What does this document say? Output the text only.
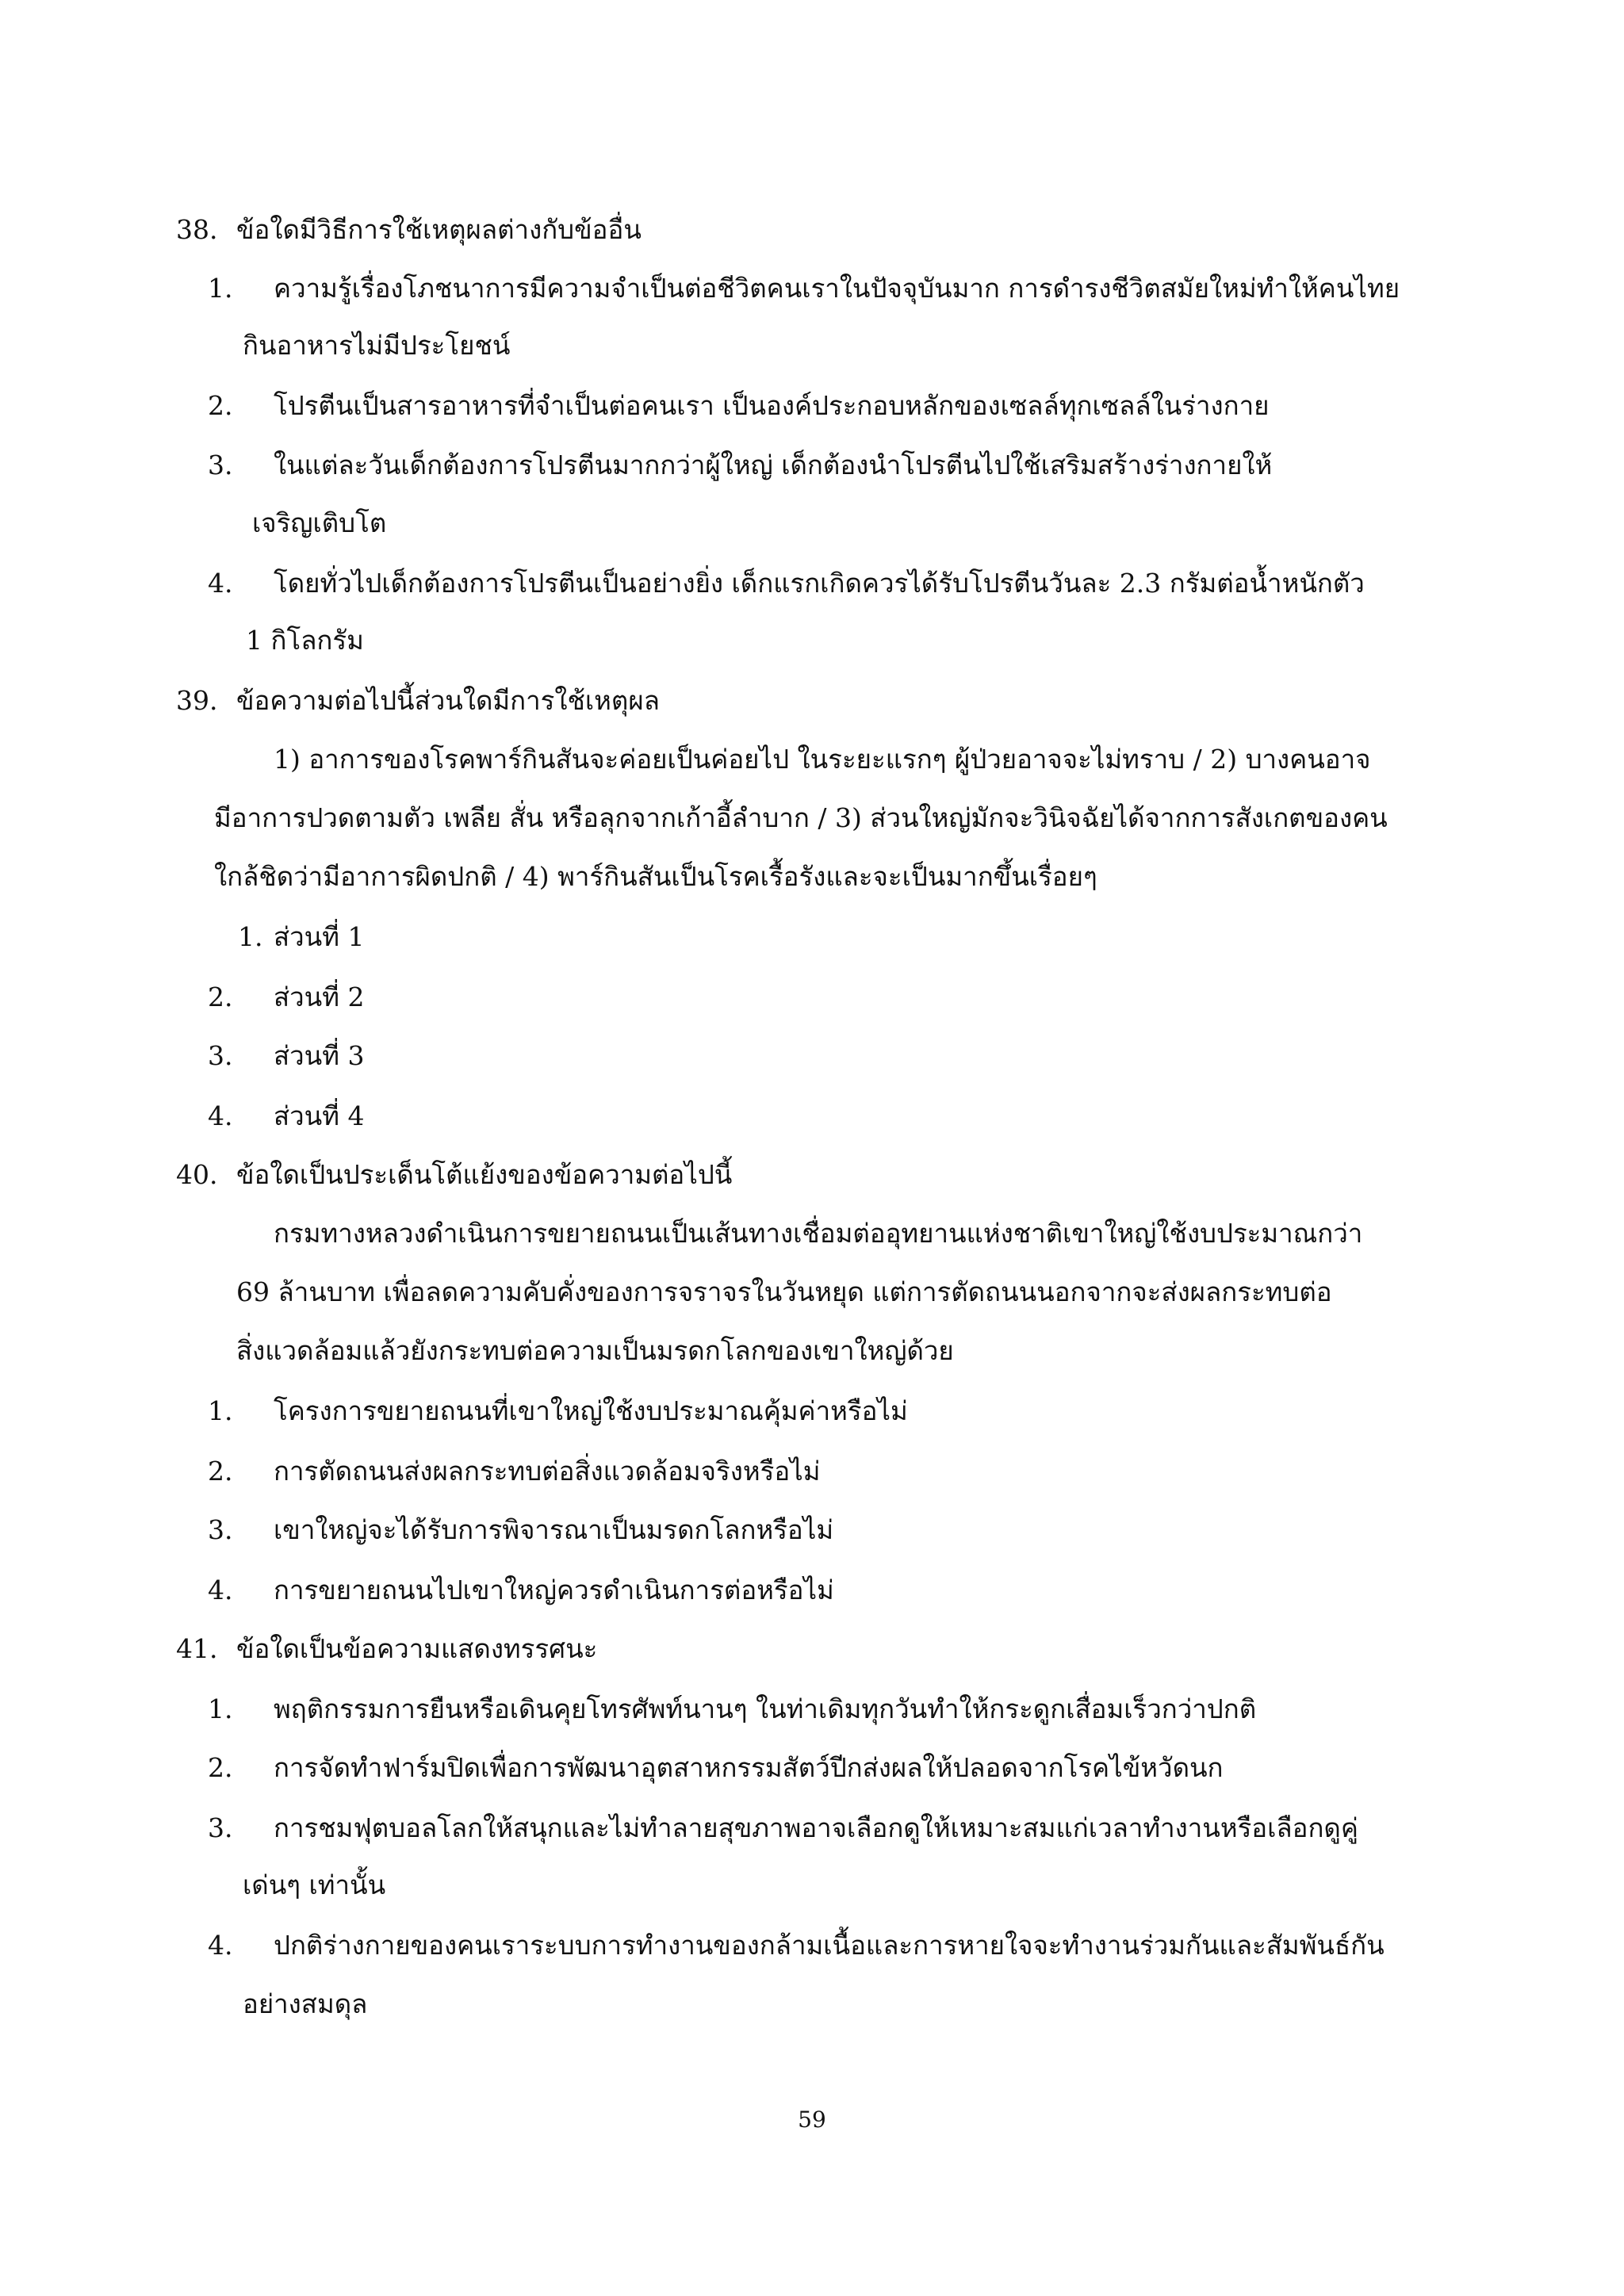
38. ข้อใดมีวิธีการใช้เหตุผลต่างกับข้ออื่น
1. ความรู้เรื่องโภชนาการมีความจำเป็นต่อชีวิตคนเราในปัจจุบันมาก การดำรงชีวิตสมัยใหม่ทำให้คนไทย
กินอาหารไม่มีประโยชน์
2. โปรตีนเป็นสารอาหารที่จำเป็นต่อคนเรา เป็นองค์ประกอบหลักของเซลล์ทุกเซลล์ในร่างกาย
3. ในแต่ละวันเด็กต้องการโปรตีนมากกว่าผู้ใหญ่ เด็กต้องนำโปรตีนไปใช้เสริมสร้างร่างกายให้
เจริญเติบโต
4. โดยทั่วไปเด็กต้องการโปรตีนเป็นอย่างยิ่ง เด็กแรกเกิดควรได้รับโปรตีนวันละ 2.3 กรัมต่อน้ำหนักตัว
1 กิโลกรัม
39. ข้อความต่อไปนี้ส่วนใดมีการใช้เหตุผล
1) อาการของโรคพาร์กินสันจะค่อยเป็นค่อยไป ในระยะแรกๆ ผู้ป่วยอาจจะไม่ทราบ / 2) บางคนอาจ
มีอาการปวดตามตัว เพลีย สั่น หรือลุกจากเก้าอี้ลำบาก / 3) ส่วนใหญ่มักจะวินิจฉัยได้จากการสังเกตของคน
ใกล้ชิดว่ามีอาการผิดปกติ / 4) พาร์กินสันเป็นโรคเรื้อรังและจะเป็นมากขึ้นเรื่อยๆ
1. ส่วนที่ 1
2. ส่วนที่ 2
3. ส่วนที่ 3
4. ส่วนที่ 4
40. ข้อใดเป็นประเด็นโต้แย้งของข้อความต่อไปนี้
กรมทางหลวงดำเนินการขยายถนนเป็นเส้นทางเชื่อมต่ออุทยานแห่งชาติเขาใหญ่ใช้งบประมาณกว่า
69 ล้านบาท เพื่อลดความคับคั่งของการจราจรในวันหยุด แต่การตัดถนนนอกจากจะส่งผลกระทบต่อ
สิ่งแวดล้อมแล้วยังกระทบต่อความเป็นมรดกโลกของเขาใหญ่ด้วย
1. โครงการขยายถนนที่เขาใหญ่ใช้งบประมาณคุ้มค่าหรือไม่
2. การตัดถนนส่งผลกระทบต่อสิ่งแวดล้อมจริงหรือไม่
3. เขาใหญ่จะได้รับการพิจารณาเป็นมรดกโลกหรือไม่
4. การขยายถนนไปเขาใหญ่ควรดำเนินการต่อหรือไม่
41. ข้อใดเป็นข้อความแสดงทรรศนะ
1. พฤติกรรมการยืนหรือเดินคุยโทรศัพท์นานๆ ในท่าเดิมทุกวันทำให้กระดูกเสื่อมเร็วกว่าปกติ
2. การจัดทำฟาร์มปิดเพื่อการพัฒนาอุตสาหกรรมสัตว์ปีกส่งผลให้ปลอดจากโรคไข้หวัดนก
3. การชมฟุตบอลโลกให้สนุกและไม่ทำลายสุขภาพอาจเลือกดูให้เหมาะสมแก่เวลาทำงานหรือเลือกดูคู่
เด่นๆ เท่านั้น
4. ปกติร่างกายของคนเราระบบการทำงานของกล้ามเนื้อและการหายใจจะทำงานร่วมกันและสัมพันธ์กัน
อย่างสมดุล
59
